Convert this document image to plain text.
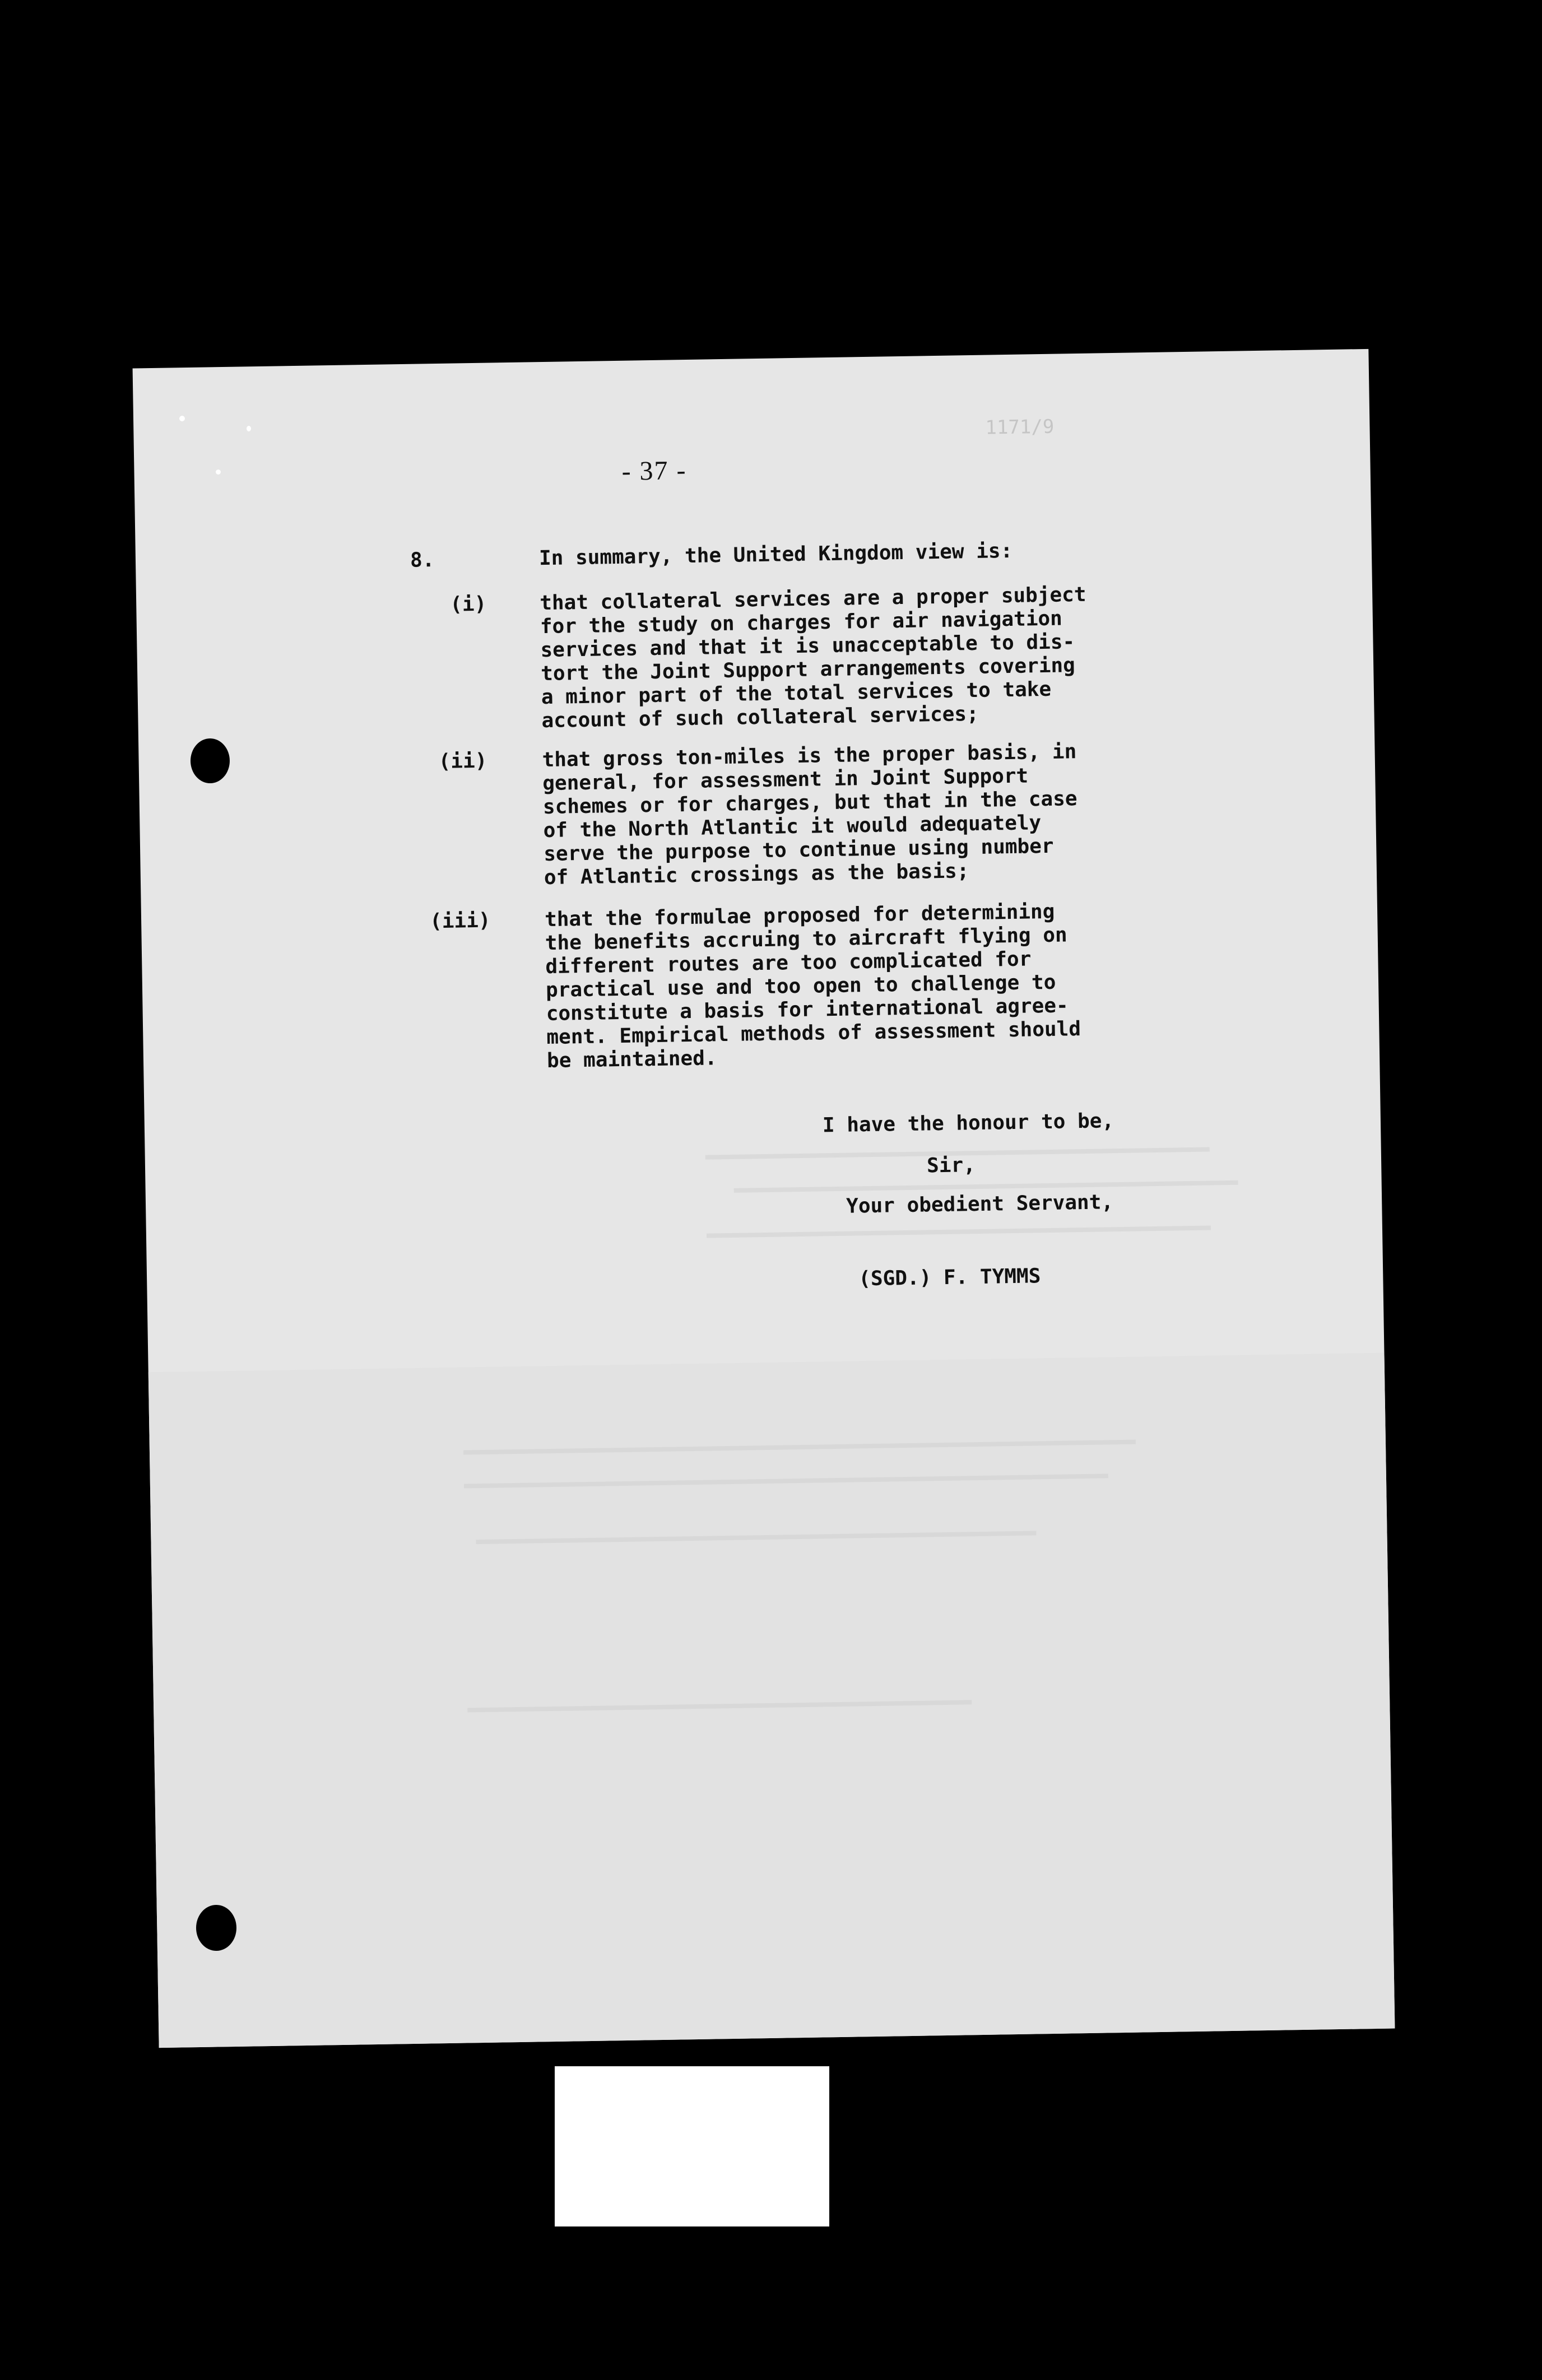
- 37 -
1171/9
8.	In summary, the United Kingdom view is:
(i)	that collateral services are a proper subject
for the study on charges for air navigation
services and that it is unacceptable to dis-
tort the Joint Support arrangements covering
a minor part of the total services to take
account of such collateral services;
(ii)	that gross ton-miles is the proper basis, in
general, for assessment in Joint Support
schemes or for charges, but that in the case
of the North Atlantic it would adequately
serve the purpose to continue using number
of Atlantic crossings as the basis;
(iii)	that the formulae proposed for determining
the benefits accruing to aircraft flying on
different routes are too complicated for
practical use and too open to challenge to
constitute a basis for international agree-
ment. Empirical methods of assessment should
be maintained.
I have the honour to be,
Sir,
Your obedient Servant,
(SGD.) F. TYMMS
